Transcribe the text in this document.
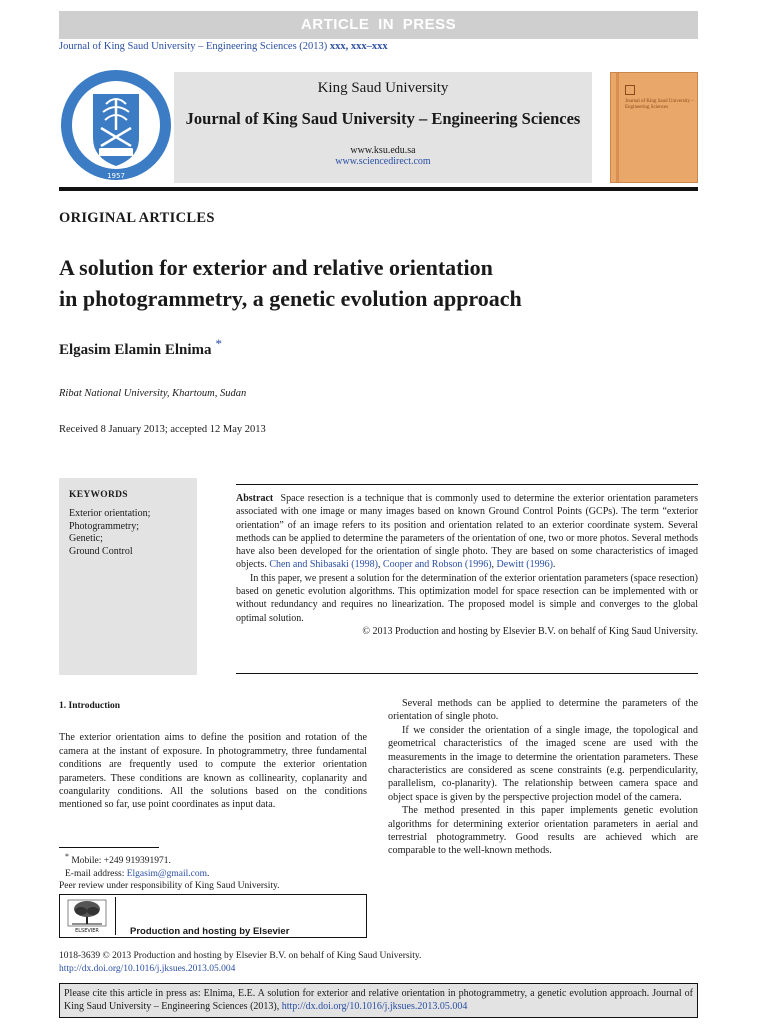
ARTICLE IN PRESS
Journal of King Saud University – Engineering Sciences (2013) xxx, xxx–xxx
1957
King Saud University
Journal of King Saud University – Engineering Sciences
www.ksu.edu.sa
www.sciencedirect.com
Journal of King Saud University – Engineering Sciences
ORIGINAL ARTICLES
A solution for exterior and relative orientation
in photogrammetry, a genetic evolution approach
Elgasim Elamin Elnima *
Ribat National University, Khartoum, Sudan
Received 8 January 2013; accepted 12 May 2013
KEYWORDS
Exterior orientation;
Photogrammetry;
Genetic;
Ground Control

Abstract Space resection is a technique that is commonly used to determine the exterior orientation parameters associated with one image or many images based on known Ground Control Points (GCPs). The term “exterior orientation” of an image refers to its position and orientation related to an exterior coordinate system. Several methods can be applied to determine the parameters of the orientation of one, two or more photos. Several methods have also been developed for the orientation of single photo. They are based on some characteristics of imaged objects. Chen and Shibasaki (1998), Cooper and Robson (1996), Dewitt (1996).

In this paper, we present a solution for the determination of the exterior orientation parameters (space resection) based on genetic evolution algorithms. This optimization model for space resection can be implemented with or without redundancy and requires no linearization. The proposed model is simple and converges to the global optimal solution.

© 2013 Production and hosting by Elsevier B.V. on behalf of King Saud University.

1. Introduction

The exterior orientation aims to define the position and rotation of the camera at the instant of exposure. In photogrammetry, three fundamental conditions are frequently used to compute the exterior orientation parameters. These conditions are known as collinearity, coplanarity and coangularity conditions. All the solutions based on the conditions mentioned so far, use point coordinates as input data.

Several methods can be applied to determine the parameters of the orientation of single photo.

If we consider the orientation of a single image, the topological and geometrical characteristics of the imaged scene are used with the measurements in the image to determine the orientation parameters. These characteristics are considered as scene constraints (e.g. perpendicularity, parallelism, co-planarity). The relationship between camera space and object space is given by the perspective projection model of the camera.

The method presented in this paper implements genetic evolution algorithms for determining exterior orientation parameters in aerial and terrestrial photogrammetry. Good results are achieved which are comparable to the well-known methods.

* Mobile: +249 919391971.
E-mail address: Elgasim@gmail.com.
Peer review under responsibility of King Saud University.
ELSEVIER	Production and hosting by Elsevier
1018-3639 © 2013 Production and hosting by Elsevier B.V. on behalf of King Saud University.
http://dx.doi.org/10.1016/j.jksues.2013.05.004
Please cite this article in press as: Elnima, E.E. A solution for exterior and relative orientation in photogrammetry, a genetic evolution approach. Journal of King Saud University – Engineering Sciences (2013), http://dx.doi.org/10.1016/j.jksues.2013.05.004
